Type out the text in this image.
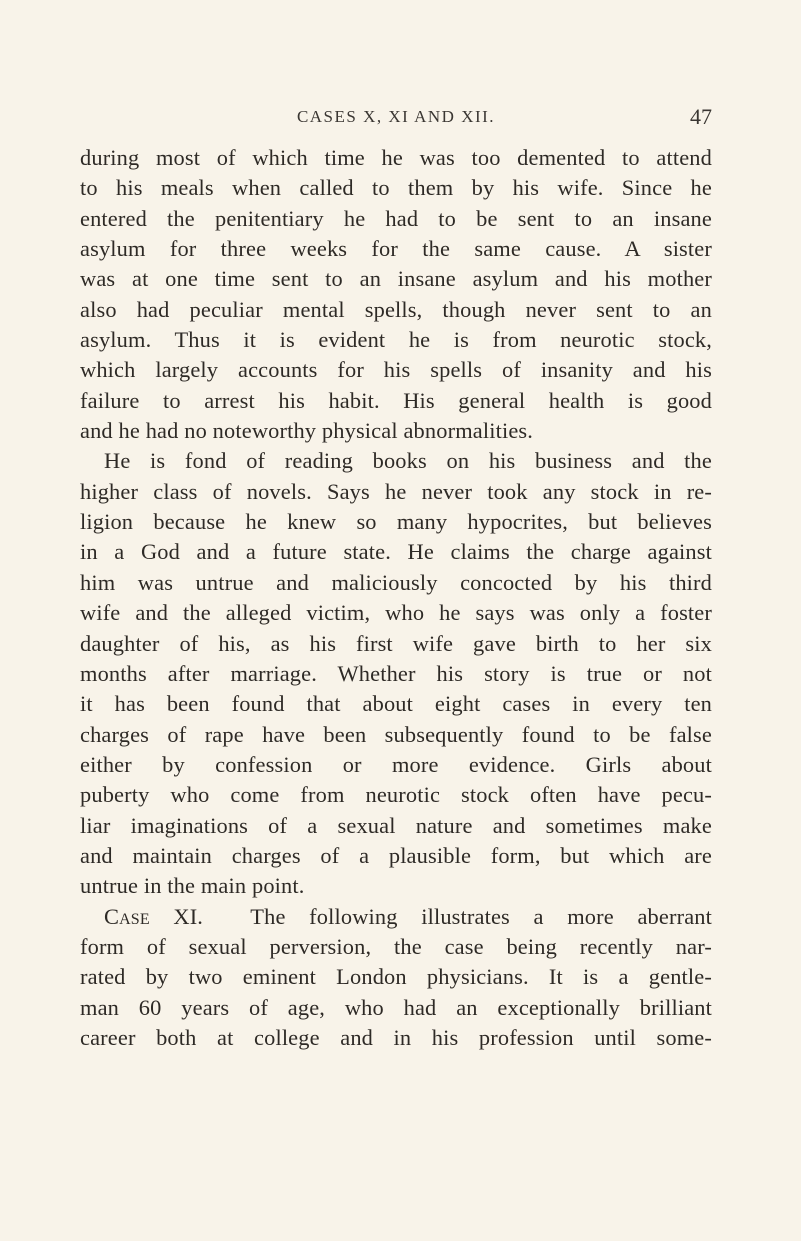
CASES X, XI AND XII.	47
during most of which time he was too demented to attend
to his meals when called to them by his wife. Since he
entered the penitentiary he had to be sent to an insane
asylum for three weeks for the same cause. A sister
was at one time sent to an insane asylum and his mother
also had peculiar mental spells, though never sent to an
asylum. Thus it is evident he is from neurotic stock,
which largely accounts for his spells of insanity and his
failure to arrest his habit. His general health is good
and he had no noteworthy physical abnormalities.
He is fond of reading books on his business and the
higher class of novels. Says he never took any stock in re-
ligion because he knew so many hypocrites, but believes
in a God and a future state. He claims the charge against
him was untrue and maliciously concocted by his third
wife and the alleged victim, who he says was only a foster
daughter of his, as his first wife gave birth to her six
months after marriage. Whether his story is true or not
it has been found that about eight cases in every ten
charges of rape have been subsequently found to be false
either by confession or more evidence. Girls about
puberty who come from neurotic stock often have pecu-
liar imaginations of a sexual nature and sometimes make
and maintain charges of a plausible form, but which are
untrue in the main point.
Case XI. The following illustrates a more aberrant
form of sexual perversion, the case being recently nar-
rated by two eminent London physicians. It is a gentle-
man 60 years of age, who had an exceptionally brilliant
career both at college and in his profession until some-
